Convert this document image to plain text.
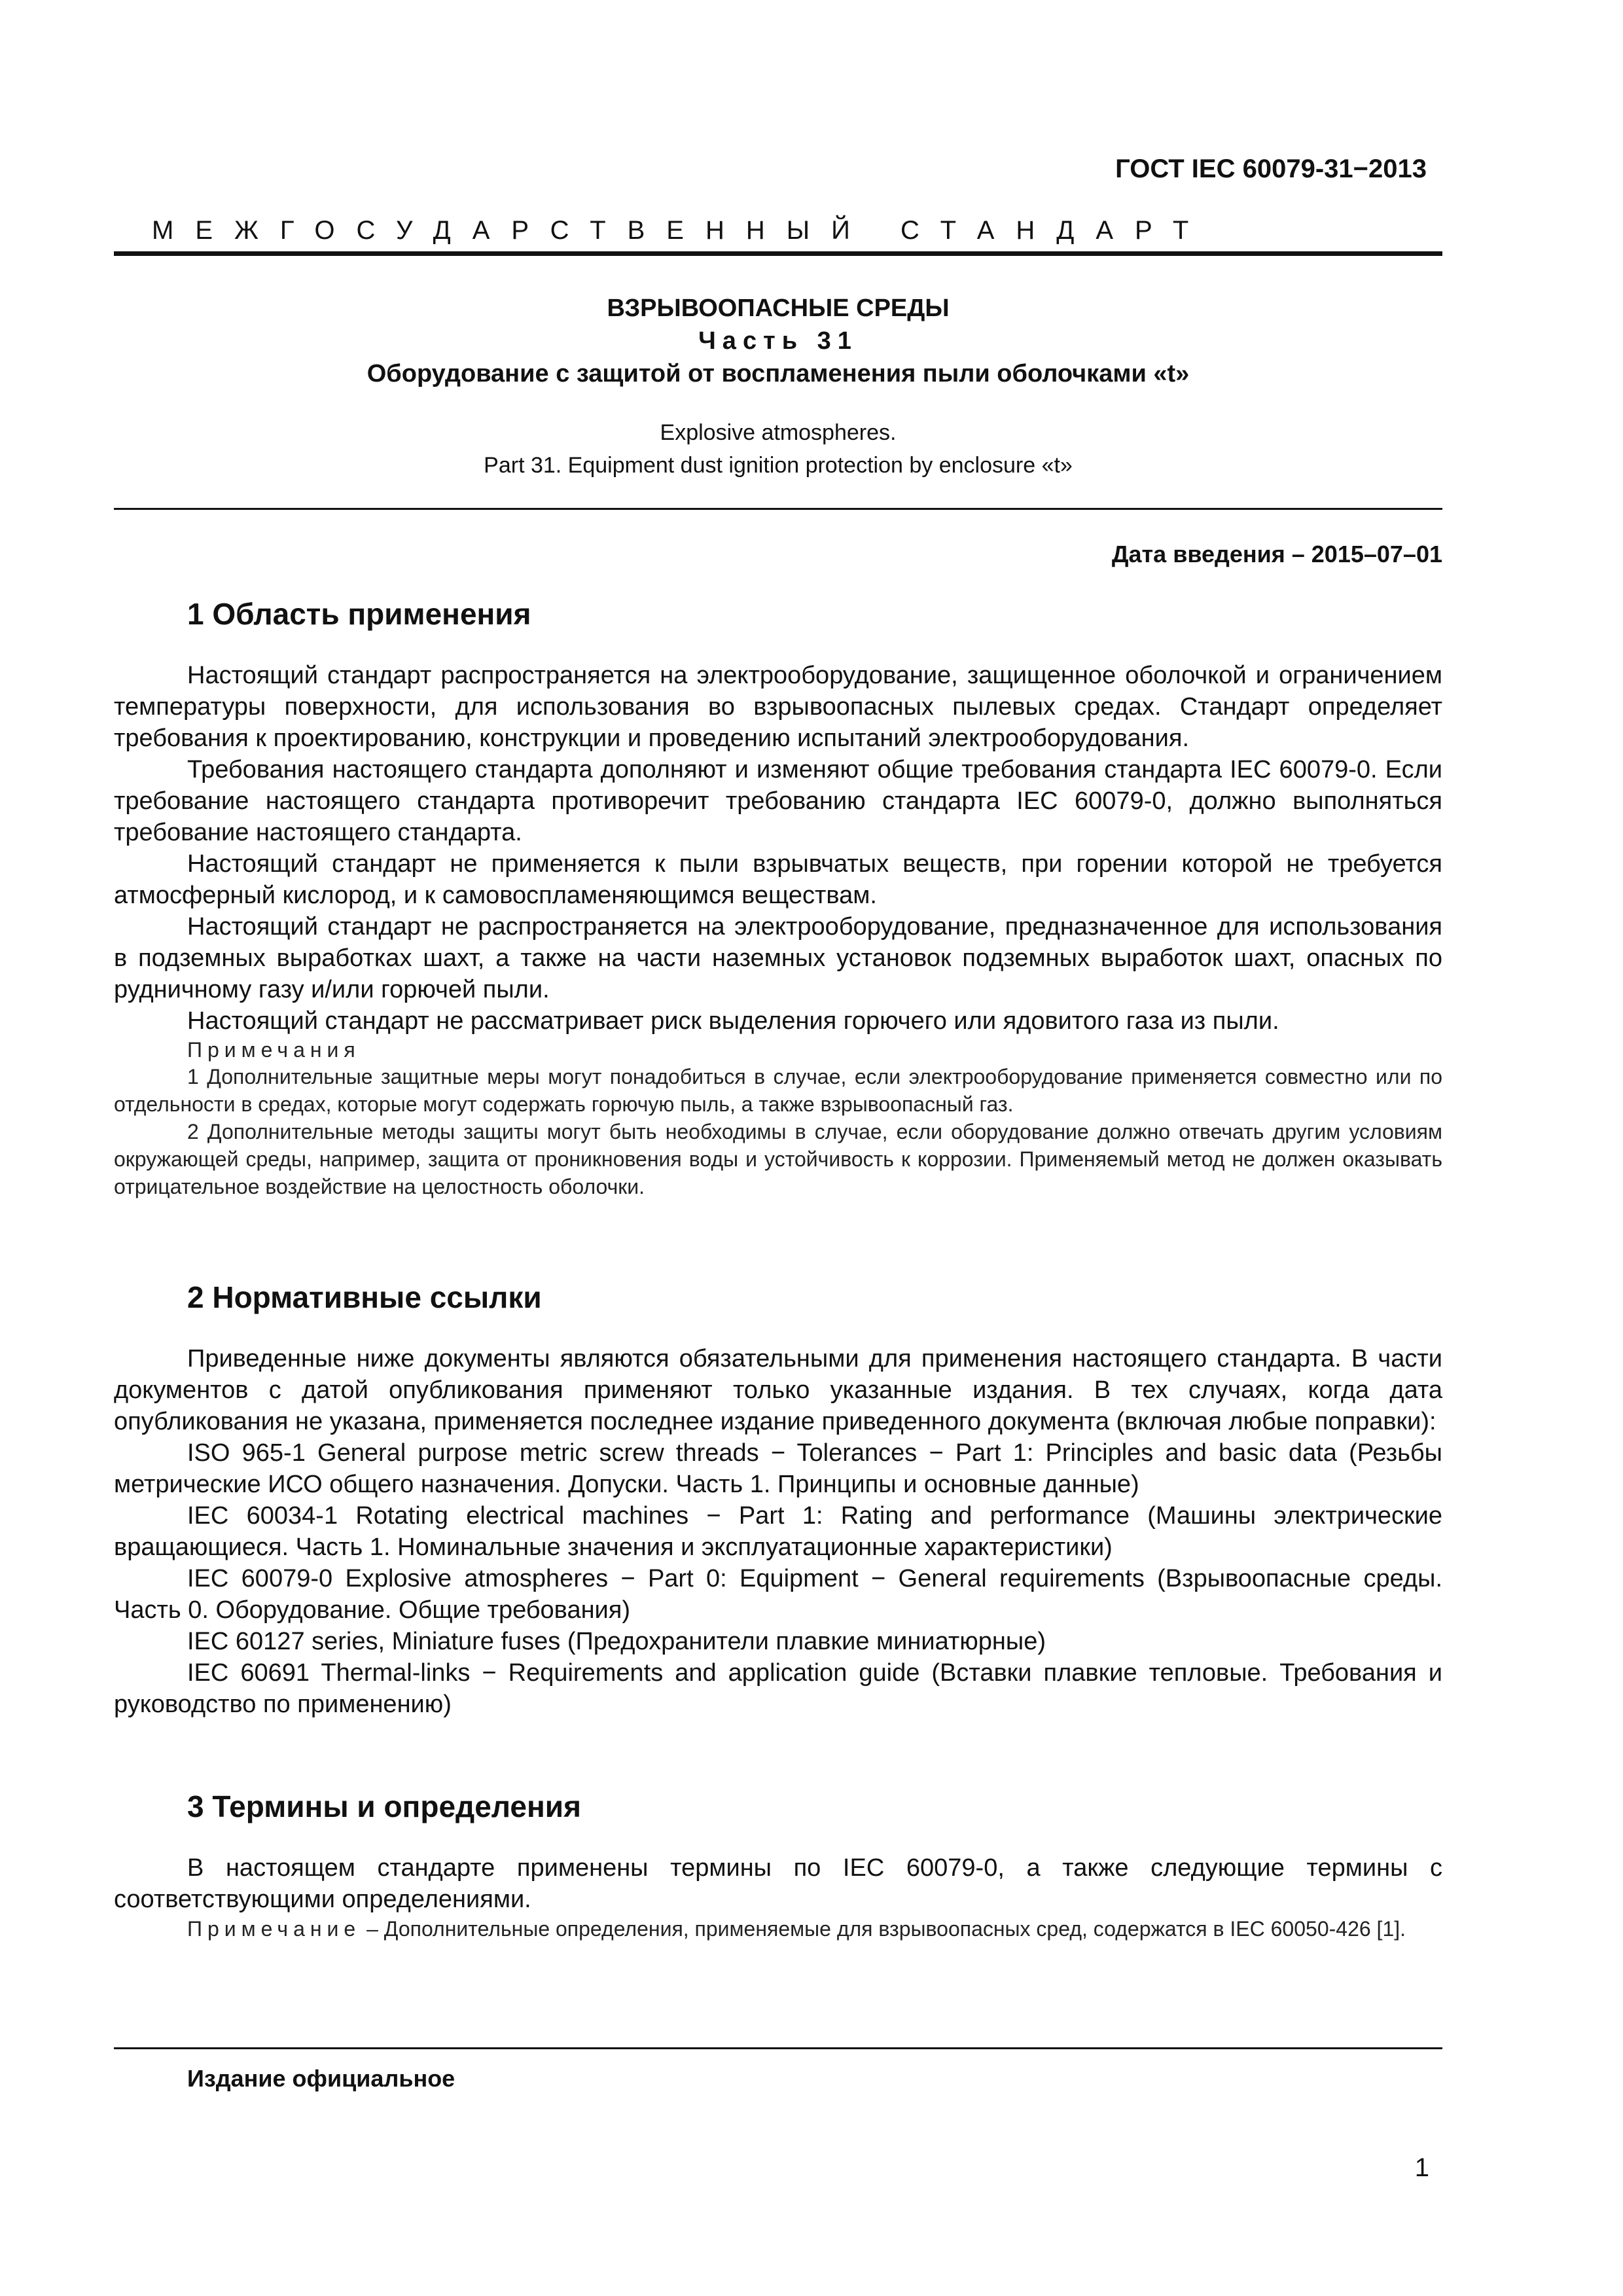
ГОСТ IEC 60079-31−2013
МЕЖГОСУДАРСТВЕННЫЙ СТАНДАРТ
ВЗРЫВООПАСНЫЕ СРЕДЫ
Часть 31
Оборудование с защитой от воспламенения пыли оболочками «t»
Explosive atmospheres.
Part 31. Equipment dust ignition protection by enclosure «t»
Дата введения – 2015–07–01
1 Область применения

Настоящий стандарт распространяется на электрооборудование, защищенное оболочкой и ограничением температуры поверхности, для использования во взрывоопасных пылевых средах. Стандарт определяет требования к проектированию, конструкции и проведению испытаний электрооборудования.

Требования настоящего стандарта дополняют и изменяют общие требования стандарта IEC 60079-0. Если требование настоящего стандарта противоречит требованию стандарта IEC 60079-0, должно выполняться требование настоящего стандарта.

Настоящий стандарт не применяется к пыли взрывчатых веществ, при горении которой не требуется атмосферный кислород, и к самовоспламеняющимся веществам.

Настоящий стандарт не распространяется на электрооборудование, предназначенное для использования в подземных выработках шахт, а также на части наземных установок подземных выработок шахт, опасных по рудничному газу и/или горючей пыли.

Настоящий стандарт не рассматривает риск выделения горючего или ядовитого газа из пыли.

Примечания

1 Дополнительные защитные меры могут понадобиться в случае, если электрооборудование применяется совместно или по отдельности в средах, которые могут содержать горючую пыль, а также взрывоопасный газ.

2 Дополнительные методы защиты могут быть необходимы в случае, если оборудование должно отвечать другим условиям окружающей среды, например, защита от проникновения воды и устойчивость к коррозии. Применяемый метод не должен оказывать отрицательное воздействие на целостность оболочки.

2 Нормативные ссылки

Приведенные ниже документы являются обязательными для применения настоящего стандарта. В части документов с датой опубликования применяют только указанные издания. В тех случаях, когда дата опубликования не указана, применяется последнее издание приведенного документа (включая любые поправки):

ISO 965-1 General purpose metric screw threads − Tolerances − Part 1: Principles and basic data (Резьбы метрические ИСО общего назначения. Допуски. Часть 1. Принципы и основные данные)

IEC 60034-1 Rotating electrical machines − Part 1: Rating and performance (Машины электрические вращающиеся. Часть 1. Номинальные значения и эксплуатационные характеристики)

IEC 60079-0 Explosive atmospheres − Part 0: Equipment − General requirements (Взрывоопасные среды. Часть 0. Оборудование. Общие требования)

IEC 60127 series, Miniature fuses (Предохранители плавкие миниатюрные)

IEC 60691 Thermal-links − Requirements and application guide (Вставки плавкие тепловые. Требования и руководство по применению)

3 Термины и определения

В настоящем стандарте применены термины по IEC 60079-0, а также следующие термины с соответствующими определениями.

Примечание – Дополнительные определения, применяемые для взрывоопасных сред, содержатся в IEC 60050-426 [1].

Издание официальное
1
